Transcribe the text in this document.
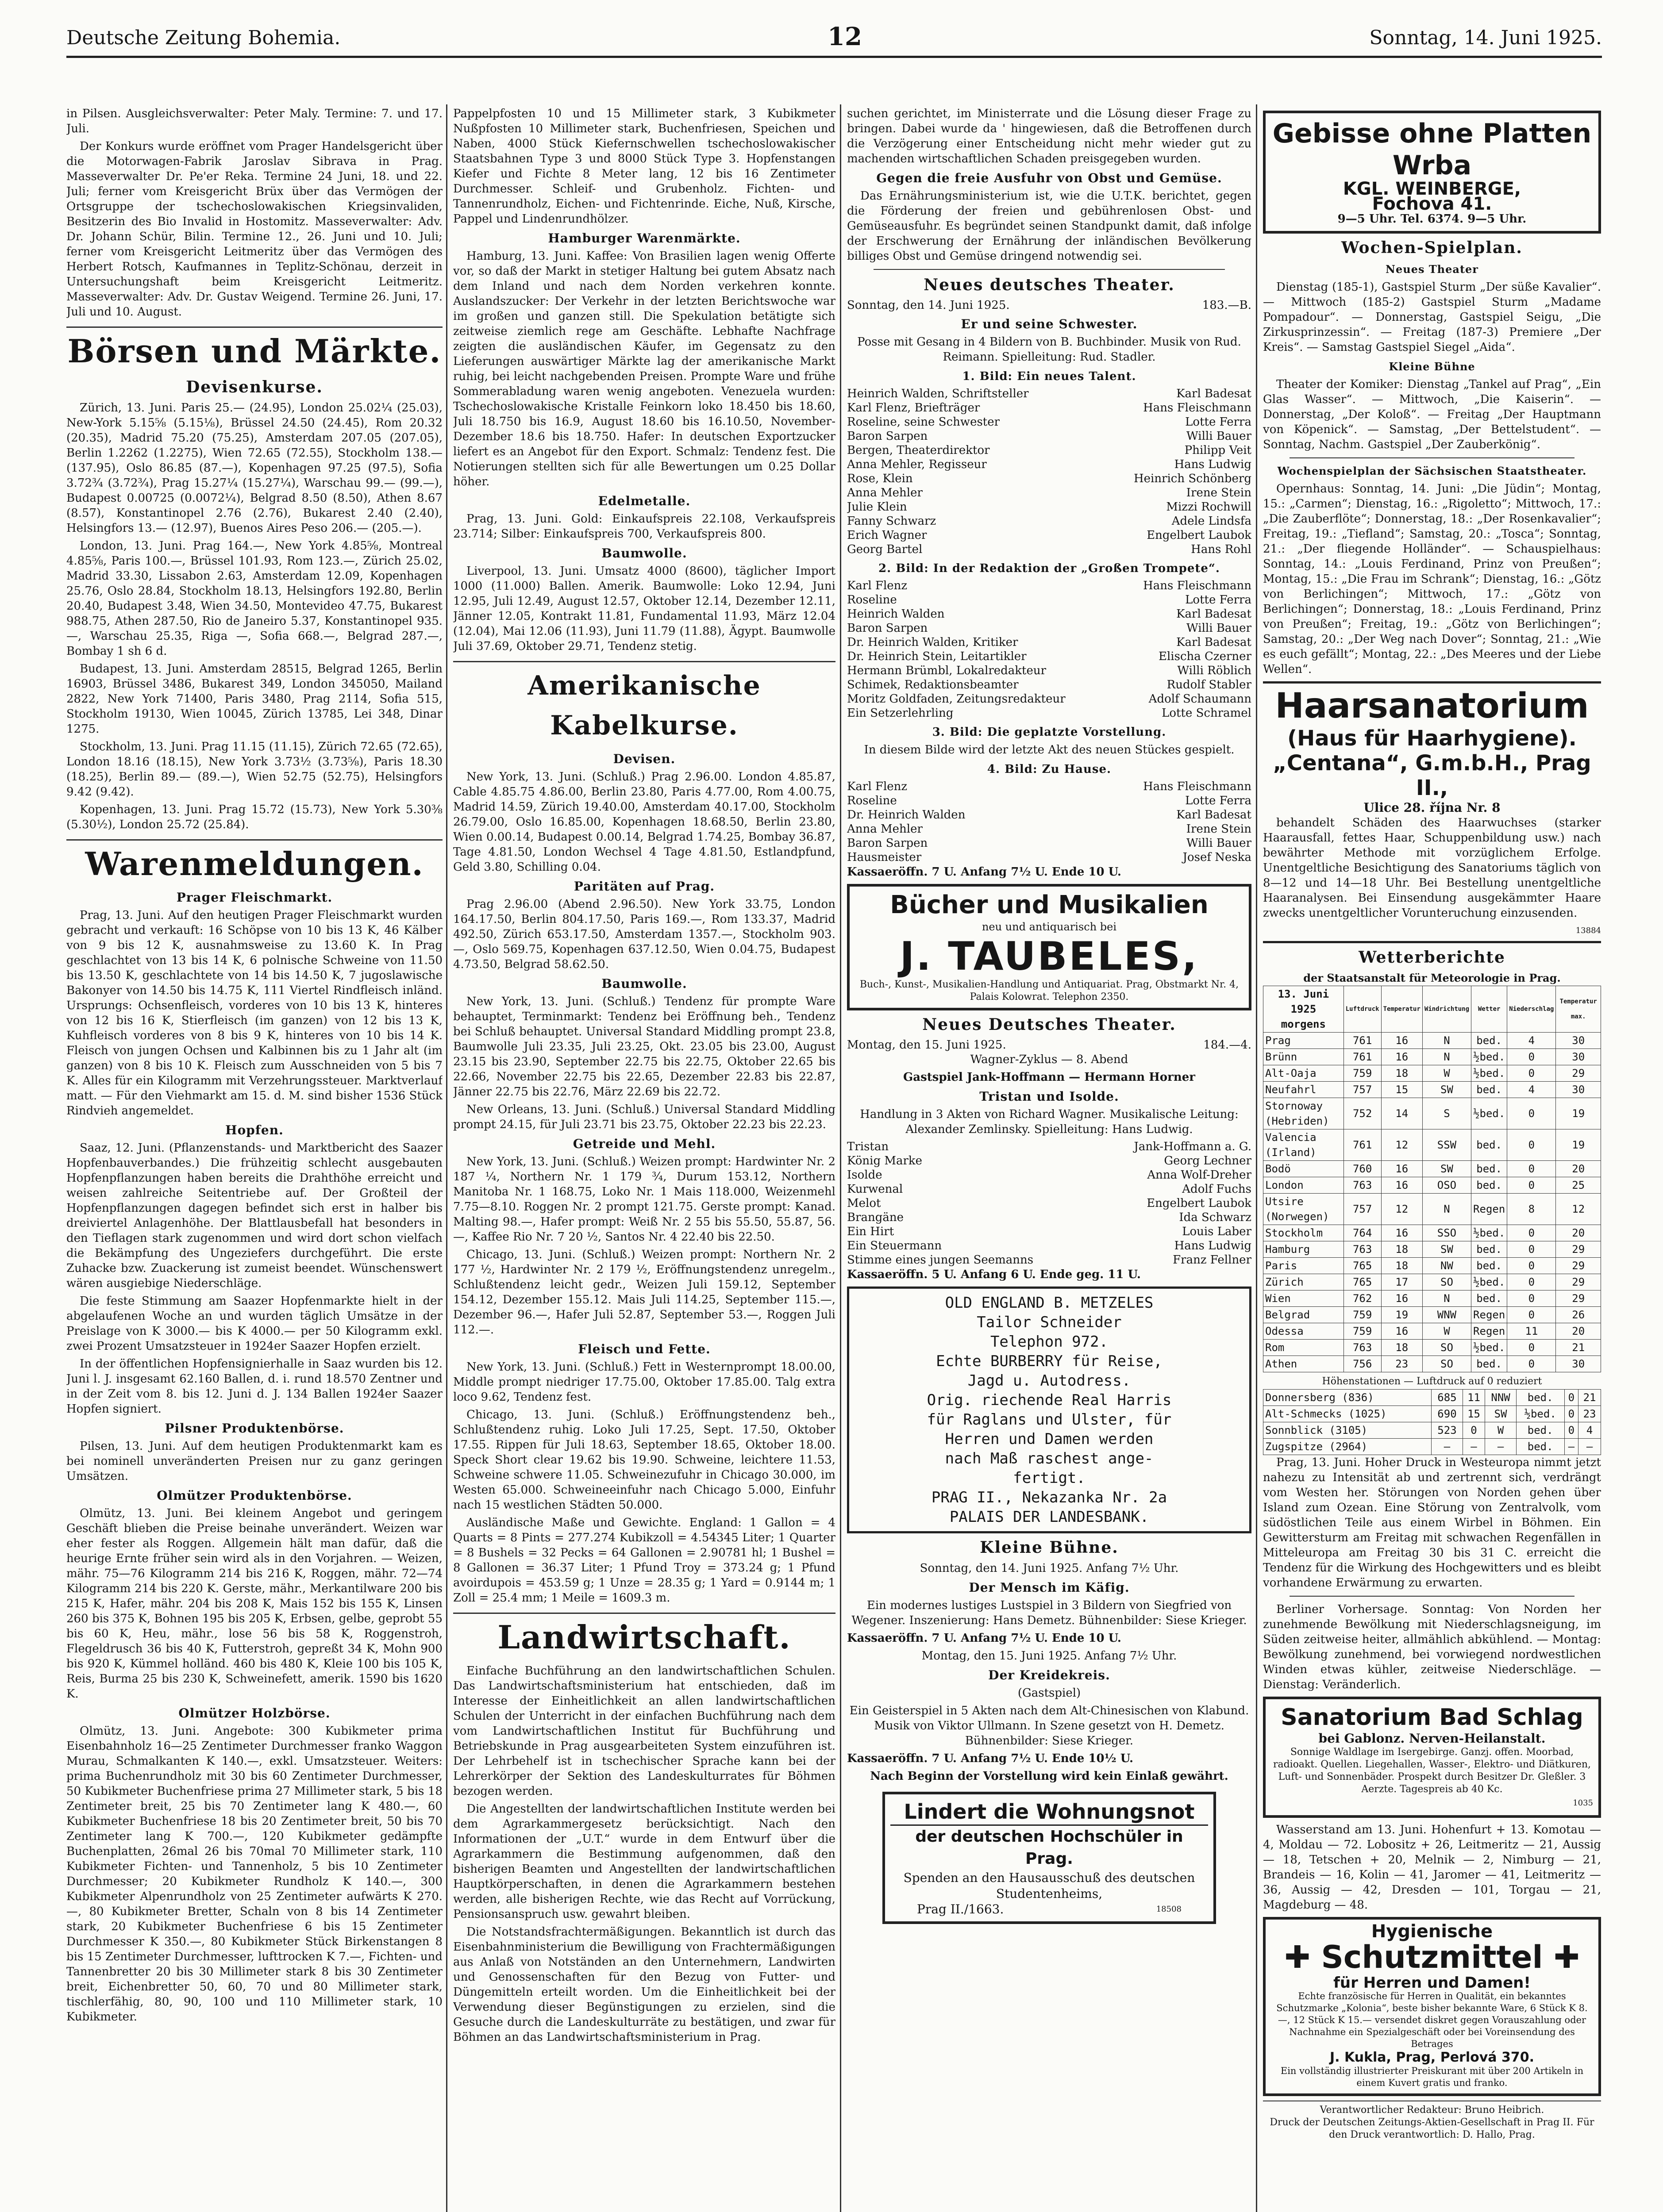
Deutsche Zeitung Bohemia.	12	Sonntag, 14. Juni 1925.

in Pilsen. Ausgleichsverwalter: Peter Maly. Termine: 7. und 17. Juli.

Der Konkurs wurde eröffnet vom Prager Handelsgericht über die Motorwagen-Fabrik Jaroslav Sibrava in Prag. Masseverwalter Dr. Pe'er Reka. Termine 24 Juni, 18. und 22. Juli; ferner vom Kreisgericht Brüx über das Vermögen der Ortsgruppe der tschechoslowakischen Kriegsinvaliden, Besitzerin des Bio Invalid in Hostomitz. Masseverwalter: Adv. Dr. Johann Schür, Bilin. Termine 12., 26. Juni und 10. Juli; ferner vom Kreisgericht Leitmeritz über das Vermögen des Herbert Rotsch, Kaufmannes in Teplitz-Schönau, derzeit in Untersuchungshaft beim Kreisgericht Leitmeritz. Masseverwalter: Adv. Dr. Gustav Weigend. Termine 26. Juni, 17. Juli und 10. August.

Börsen und Märkte.
Devisenkurse.

Zürich, 13. Juni. Paris 25.— (24.95), London 25.02¼ (25.03), New-York 5.15⅝ (5.15⅛), Brüssel 24.50 (24.45), Rom 20.32 (20.35), Madrid 75.20 (75.25), Amsterdam 207.05 (207.05), Berlin 1.2262 (1.2275), Wien 72.65 (72.55), Stockholm 138.— (137.95), Oslo 86.85 (87.—), Kopenhagen 97.25 (97.5), Sofia 3.72¾ (3.72¾), Prag 15.27¼ (15.27¼), Warschau 99.— (99.—), Budapest 0.00725 (0.0072¼), Belgrad 8.50 (8.50), Athen 8.67 (8.57), Konstantinopel 2.76 (2.76), Bukarest 2.40 (2.40), Helsingfors 13.— (12.97), Buenos Aires Peso 206.— (205.—).

London, 13. Juni. Prag 164.—, New York 4.85⅝, Montreal 4.85⅝, Paris 100.—, Brüssel 101.93, Rom 123.—, Zürich 25.02, Madrid 33.30, Lissabon 2.63, Amsterdam 12.09, Kopenhagen 25.76, Oslo 28.84, Stockholm 18.13, Helsingfors 192.80, Berlin 20.40, Budapest 3.48, Wien 34.50, Montevideo 47.75, Bukarest 988.75, Athen 287.50, Rio de Janeiro 5.37, Konstantinopel 935.—, Warschau 25.35, Riga —, Sofia 668.—, Belgrad 287.—, Bombay 1 sh 6 d.

Budapest, 13. Juni. Amsterdam 28515, Belgrad 1265, Berlin 16903, Brüssel 3486, Bukarest 349, London 345050, Mailand 2822, New York 71400, Paris 3480, Prag 2114, Sofia 515, Stockholm 19130, Wien 10045, Zürich 13785, Lei 348, Dinar 1275.

Stockholm, 13. Juni. Prag 11.15 (11.15), Zürich 72.65 (72.65), London 18.16 (18.15), New York 3.73½ (3.73⅝), Paris 18.30 (18.25), Berlin 89.— (89.—), Wien 52.75 (52.75), Helsingfors 9.42 (9.42).

Kopenhagen, 13. Juni. Prag 15.72 (15.73), New York 5.30⅜ (5.30½), London 25.72 (25.84).

Warenmeldungen.
Prager Fleischmarkt.

Prag, 13. Juni. Auf den heutigen Prager Fleischmarkt wurden gebracht und verkauft: 16 Schöpse von 10 bis 13 K, 46 Kälber von 9 bis 12 K, ausnahmsweise zu 13.60 K. In Prag geschlachtet von 13 bis 14 K, 6 polnische Schweine von 11.50 bis 13.50 K, geschlachtete von 14 bis 14.50 K, 7 jugoslawische Bakonyer von 14.50 bis 14.75 K, 111 Viertel Rindfleisch inländ. Ursprungs: Ochsenfleisch, vorderes von 10 bis 13 K, hinteres von 12 bis 16 K, Stierfleisch (im ganzen) von 12 bis 13 K, Kuhfleisch vorderes von 8 bis 9 K, hinteres von 10 bis 14 K. Fleisch von jungen Ochsen und Kalbinnen bis zu 1 Jahr alt (im ganzen) von 8 bis 10 K. Fleisch zum Ausschneiden von 5 bis 7 K. Alles für ein Kilogramm mit Verzehrungssteuer. Marktverlauf matt. — Für den Viehmarkt am 15. d. M. sind bisher 1536 Stück Rindvieh angemeldet.

Hopfen.

Saaz, 12. Juni. (Pflanzenstands- und Marktbericht des Saazer Hopfenbauverbandes.) Die frühzeitig schlecht ausgebauten Hopfenpflanzungen haben bereits die Drahthöhe erreicht und weisen zahlreiche Seitentriebe auf. Der Großteil der Hopfenpflanzungen dagegen befindet sich erst in halber bis dreiviertel Anlagenhöhe. Der Blattlausbefall hat besonders in den Tieflagen stark zugenommen und wird dort schon vielfach die Bekämpfung des Ungeziefers durchgeführt. Die erste Zuhacke bzw. Zuackerung ist zumeist beendet. Wünschenswert wären ausgiebige Niederschläge.

Die feste Stimmung am Saazer Hopfenmarkte hielt in der abgelaufenen Woche an und wurden täglich Umsätze in der Preislage von K 3000.— bis K 4000.— per 50 Kilogramm exkl. zwei Prozent Umsatzsteuer in 1924er Saazer Hopfen erzielt.

In der öffentlichen Hopfensignierhalle in Saaz wurden bis 12. Juni l. J. insgesamt 62.160 Ballen, d. i. rund 18.570 Zentner und in der Zeit vom 8. bis 12. Juni d. J. 134 Ballen 1924er Saazer Hopfen signiert.

Pilsner Produktenbörse.

Pilsen, 13. Juni. Auf dem heutigen Produktenmarkt kam es bei nominell unveränderten Preisen nur zu ganz geringen Umsätzen.

Olmützer Produktenbörse.

Olmütz, 13. Juni. Bei kleinem Angebot und geringem Geschäft blieben die Preise beinahe unverändert. Weizen war eher fester als Roggen. Allgemein hält man dafür, daß die heurige Ernte früher sein wird als in den Vorjahren. — Weizen, mähr. 75—76 Kilogramm 214 bis 216 K, Roggen, mähr. 72—74 Kilogramm 214 bis 220 K. Gerste, mähr., Merkantilware 200 bis 215 K, Hafer, mähr. 204 bis 208 K, Mais 152 bis 155 K, Linsen 260 bis 375 K, Bohnen 195 bis 205 K, Erbsen, gelbe, geprobt 55 bis 60 K, Heu, mähr., lose 56 bis 58 K, Roggenstroh, Flegeldrusch 36 bis 40 K, Futterstroh, gepreßt 34 K, Mohn 900 bis 920 K, Kümmel holländ. 460 bis 480 K, Kleie 100 bis 105 K, Reis, Burma 25 bis 230 K, Schweinefett, amerik. 1590 bis 1620 K.

Olmützer Holzbörse.

Olmütz, 13. Juni. Angebote: 300 Kubikmeter prima Eisenbahnholz 16—25 Zentimeter Durchmesser franko Waggon Murau, Schmalkanten K 140.—, exkl. Umsatzsteuer. Weiters: prima Buchenrundholz mit 30 bis 60 Zentimeter Durchmesser, 50 Kubikmeter Buchenfriese prima 27 Millimeter stark, 5 bis 18 Zentimeter breit, 25 bis 70 Zentimeter lang K 480.—, 60 Kubikmeter Buchenfriese 18 bis 20 Zentimeter breit, 50 bis 70 Zentimeter lang K 700.—, 120 Kubikmeter gedämpfte Buchenplatten, 26mal 26 bis 70mal 70 Millimeter stark, 110 Kubikmeter Fichten- und Tannenholz, 5 bis 10 Zentimeter Durchmesser; 20 Kubikmeter Rundholz K 140.—, 300 Kubikmeter Alpenrundholz von 25 Zentimeter aufwärts K 270.—, 80 Kubikmeter Bretter, Schaln von 8 bis 14 Zentimeter stark, 20 Kubikmeter Buchenfriese 6 bis 15 Zentimeter Durchmesser K 350.—, 80 Kubikmeter Stück Birkenstangen 8 bis 15 Zentimeter Durchmesser, lufttrocken K 7.—, Fichten- und Tannenbretter 20 bis 30 Millimeter stark 8 bis 30 Zentimeter breit, Eichenbretter 50, 60, 70 und 80 Millimeter stark, tischlerfähig, 80, 90, 100 und 110 Millimeter stark, 10 Kubikmeter.

Pappelpfosten 10 und 15 Millimeter stark, 3 Kubikmeter Nußpfosten 10 Millimeter stark, Buchenfriesen, Speichen und Naben, 4000 Stück Kiefernschwellen tschechoslowakischer Staatsbahnen Type 3 und 8000 Stück Type 3. Hopfenstangen Kiefer und Fichte 8 Meter lang, 12 bis 16 Zentimeter Durchmesser. Schleif- und Grubenholz. Fichten- und Tannenrundholz, Eichen- und Fichtenrinde. Eiche, Nuß, Kirsche, Pappel und Lindenrundhölzer.

Hamburger Warenmärkte.

Hamburg, 13. Juni. Kaffee: Von Brasilien lagen wenig Offerte vor, so daß der Markt in stetiger Haltung bei gutem Absatz nach dem Inland und nach dem Norden verkehren konnte. Auslandszucker: Der Verkehr in der letzten Berichtswoche war im großen und ganzen still. Die Spekulation betätigte sich zeitweise ziemlich rege am Geschäfte. Lebhafte Nachfrage zeigten die ausländischen Käufer, im Gegensatz zu den Lieferungen auswärtiger Märkte lag der amerikanische Markt ruhig, bei leicht nachgebenden Preisen. Prompte Ware und frühe Sommerabladung waren wenig angeboten. Venezuela wurden: Tschechoslowakische Kristalle Feinkorn loko 18.450 bis 18.60, Juli 18.750 bis 16.9, August 18.60 bis 16.10.50, November-Dezember 18.6 bis 18.750. Hafer: In deutschen Exportzucker liefert es an Angebot für den Export. Schmalz: Tendenz fest. Die Notierungen stellten sich für alle Bewertungen um 0.25 Dollar höher.

Edelmetalle.

Prag, 13. Juni. Gold: Einkaufspreis 22.108, Verkaufspreis 23.714; Silber: Einkaufspreis 700, Verkaufspreis 800.

Baumwolle.

Liverpool, 13. Juni. Umsatz 4000 (8600), täglicher Import 1000 (11.000) Ballen. Amerik. Baumwolle: Loko 12.94, Juni 12.95, Juli 12.49, August 12.57, Oktober 12.14, Dezember 12.11, Jänner 12.05, Kontrakt 11.81, Fundamental 11.93, März 12.04 (12.04), Mai 12.06 (11.93), Juni 11.79 (11.88), Ägypt. Baumwolle Juli 37.69, Oktober 29.71, Tendenz stetig.

Amerikanische Kabelkurse.
Devisen.

New York, 13. Juni. (Schluß.) Prag 2.96.00. London 4.85.87, Cable 4.85.75 4.86.00, Berlin 23.80, Paris 4.77.00, Rom 4.00.75, Madrid 14.59, Zürich 19.40.00, Amsterdam 40.17.00, Stockholm 26.79.00, Oslo 16.85.00, Kopenhagen 18.68.50, Berlin 23.80, Wien 0.00.14, Budapest 0.00.14, Belgrad 1.74.25, Bombay 36.87, Tage 4.81.50, London Wechsel 4 Tage 4.81.50, Estlandpfund, Geld 3.80, Schilling 0.04.

Paritäten auf Prag.

Prag 2.96.00 (Abend 2.96.50). New York 33.75, London 164.17.50, Berlin 804.17.50, Paris 169.—, Rom 133.37, Madrid 492.50, Zürich 653.17.50, Amsterdam 1357.—, Stockholm 903.—, Oslo 569.75, Kopenhagen 637.12.50, Wien 0.04.75, Budapest 4.73.50, Belgrad 58.62.50.

Baumwolle.

New York, 13. Juni. (Schluß.) Tendenz für prompte Ware behauptet, Terminmarkt: Tendenz bei Eröffnung beh., Tendenz bei Schluß behauptet. Universal Standard Middling prompt 23.8, Baumwolle Juli 23.35, Juli 23.25, Okt. 23.05 bis 23.00, August 23.15 bis 23.90, September 22.75 bis 22.75, Oktober 22.65 bis 22.66, November 22.75 bis 22.65, Dezember 22.83 bis 22.87, Jänner 22.75 bis 22.76, März 22.69 bis 22.72.

New Orleans, 13. Juni. (Schluß.) Universal Standard Middling prompt 24.15, für Juli 23.71 bis 23.75, Oktober 22.23 bis 22.23.

Getreide und Mehl.

New York, 13. Juni. (Schluß.) Weizen prompt: Hardwinter Nr. 2 187 ¼, Northern Nr. 1 179 ¾, Durum 153.12, Northern Manitoba Nr. 1 168.75, Loko Nr. 1 Mais 118.000, Weizenmehl 7.75—8.10. Roggen Nr. 2 prompt 121.75. Gerste prompt: Kanad. Malting 98.—, Hafer prompt: Weiß Nr. 2 55 bis 55.50, 55.87, 56.—, Kaffee Rio Nr. 7 20 ½, Santos Nr. 4 22.40 bis 22.50.

Chicago, 13. Juni. (Schluß.) Weizen prompt: Northern Nr. 2 177 ½, Hardwinter Nr. 2 179 ½, Eröffnungstendenz unregelm., Schlußtendenz leicht gedr., Weizen Juli 159.12, September 154.12, Dezember 155.12. Mais Juli 114.25, September 115.—, Dezember 96.—, Hafer Juli 52.87, September 53.—, Roggen Juli 112.—.

Fleisch und Fette.

New York, 13. Juni. (Schluß.) Fett in Westernprompt 18.00.00, Middle prompt niedriger 17.75.00, Oktober 17.85.00. Talg extra loco 9.62, Tendenz fest.

Chicago, 13. Juni. (Schluß.) Eröffnungstendenz beh., Schlußtendenz ruhig. Loko Juli 17.25, Sept. 17.50, Oktober 17.55. Rippen für Juli 18.63, September 18.65, Oktober 18.00. Speck Short clear 19.62 bis 19.90. Schweine, leichtere 11.53, Schweine schwere 11.05. Schweinezufuhr in Chicago 30.000, im Westen 65.000. Schweineeinfuhr nach Chicago 5.000, Einfuhr nach 15 westlichen Städten 50.000.

Ausländische Maße und Gewichte. England: 1 Gallon = 4 Quarts = 8 Pints = 277.274 Kubikzoll = 4.54345 Liter; 1 Quarter = 8 Bushels = 32 Pecks = 64 Gallonen = 2.90781 hl; 1 Bushel = 8 Gallonen = 36.37 Liter; 1 Pfund Troy = 373.24 g; 1 Pfund avoirdupois = 453.59 g; 1 Unze = 28.35 g; 1 Yard = 0.9144 m; 1 Zoll = 25.4 mm; 1 Meile = 1609.3 m.

Landwirtschaft.

Einfache Buchführung an den landwirtschaftlichen Schulen. Das Landwirtschaftsministerium hat entschieden, daß im Interesse der Einheitlichkeit an allen landwirtschaftlichen Schulen der Unterricht in der einfachen Buchführung nach dem vom Landwirtschaftlichen Institut für Buchführung und Betriebskunde in Prag ausgearbeiteten System einzuführen ist. Der Lehrbehelf ist in tschechischer Sprache kann bei der Lehrerkörper der Sektion des Landeskulturrates für Böhmen bezogen werden.

Die Angestellten der landwirtschaftlichen Institute werden bei dem Agrarkammergesetz berücksichtigt. Nach den Informationen der „U.T.“ wurde in dem Entwurf über die Agrarkammern die Bestimmung aufgenommen, daß den bisherigen Beamten und Angestellten der landwirtschaftlichen Hauptkörperschaften, in denen die Agrarkammern bestehen werden, alle bisherigen Rechte, wie das Recht auf Vorrückung, Pensionsanspruch usw. gewahrt bleiben.

Die Notstandsfrachtermäßigungen. Bekanntlich ist durch das Eisenbahnministerium die Bewilligung von Frachtermäßigungen aus Anlaß von Notständen an den Unternehmern, Landwirten und Genossenschaften für den Bezug von Futter- und Düngemitteln erteilt worden. Um die Einheitlichkeit bei der Verwendung dieser Begünstigungen zu erzielen, sind die Gesuche durch die Landeskulturräte zu bestätigen, und zwar für Böhmen an das Landwirtschaftsministerium in Prag.

suchen gerichtet, im Ministerrate und die Lösung dieser Frage zu bringen. Dabei wurde da ' hingewiesen, daß die Betroffenen durch die Verzögerung einer Entscheidung nicht mehr wieder gut zu machenden wirtschaftlichen Schaden preisgegeben wurden.

Gegen die freie Ausfuhr von Obst und Gemüse.

Das Ernährungsministerium ist, wie die U.T.K. berichtet, gegen die Förderung der freien und gebührenlosen Obst- und Gemüseausfuhr. Es begründet seinen Standpunkt damit, daß infolge der Erschwerung der Ernährung der inländischen Bevölkerung billiges Obst und Gemüse dringend notwendig sei.

Neues deutsches Theater.
Sonntag, den 14. Juni 1925.	183.—B.
Er und seine Schwester.

Posse mit Gesang in 4 Bildern von B. Buchbinder. Musik von Rud. Reimann. Spielleitung: Rud. Stadler.

1. Bild: Ein neues Talent.
Heinrich Walden, Schriftsteller	Karl Badesat
Karl Flenz, Briefträger	Hans Fleischmann
Roseline, seine Schwester	Lotte Ferra
Baron Sarpen	Willi Bauer
Bergen, Theaterdirektor	Philipp Veit
Anna Mehler, Regisseur	Hans Ludwig
Rose, Klein	Heinrich Schönberg
Anna Mehler	Irene Stein
Julie Klein	Mizzi Rochwill
Fanny Schwarz	Adele Lindsfa
Erich Wagner	Engelbert Laubok
Georg Bartel	Hans Rohl
2. Bild: In der Redaktion der „Großen Trompete“.
Karl Flenz	Hans Fleischmann
Roseline	Lotte Ferra
Heinrich Walden	Karl Badesat
Baron Sarpen	Willi Bauer
Dr. Heinrich Walden, Kritiker	Karl Badesat
Dr. Heinrich Stein, Leitartikler	Elischa Czerner
Hermann Brümbl, Lokalredakteur	Willi Röblich
Schimek, Redaktionsbeamter	Rudolf Stabler
Moritz Goldfaden, Zeitungsredakteur	Adolf Schaumann
Ein Setzerlehrling	Lotte Schramel
3. Bild: Die geplatzte Vorstellung.

In diesem Bilde wird der letzte Akt des neuen Stückes gespielt.

4. Bild: Zu Hause.
Karl Flenz	Hans Fleischmann
Roseline	Lotte Ferra
Dr. Heinrich Walden	Karl Badesat
Anna Mehler	Irene Stein
Baron Sarpen	Willi Bauer
Hausmeister	Josef Neska

Kassaeröffn. 7 U. Anfang 7½ U. Ende 10 U.

Bücher und Musikalien
neu und antiquarisch bei
J. TAUBELES,
Buch-, Kunst-, Musikalien-Handlung und Antiquariat. Prag, Obstmarkt Nr. 4, Palais Kolowrat. Telephon 2350.
Neues Deutsches Theater.
Montag, den 15. Juni 1925.	184.—4.

Wagner-Zyklus — 8. Abend

Gastspiel Jank-Hoffmann — Hermann Horner

Tristan und Isolde.

Handlung in 3 Akten von Richard Wagner. Musikalische Leitung: Alexander Zemlinsky. Spielleitung: Hans Ludwig.

Tristan	Jank-Hoffmann a. G.
König Marke	Georg Lechner
Isolde	Anna Wolf-Dreher
Kurwenal	Adolf Fuchs
Melot	Engelbert Laubok
Brangäne	Ida Schwarz
Ein Hirt	Louis Laber
Ein Steuermann	Hans Ludwig
Stimme eines jungen Seemanns	Franz Fellner

Kassaeröffn. 5 U. Anfang 6 U. Ende geg. 11 U.

OLD ENGLAND B. METZELES
Tailor Schneider
Telephon 972.
Echte BURBERRY für Reise,
Jagd u. Autodress.
Orig. riechende Real Harris
für Raglans und Ulster, für
Herren und Damen werden
nach Maß raschest ange-
fertigt.
PRAG II., Nekazanka Nr. 2a
PALAIS DER LANDESBANK.
Kleine Bühne.

Sonntag, den 14. Juni 1925. Anfang 7½ Uhr.

Der Mensch im Käfig.

Ein modernes lustiges Lustspiel in 3 Bildern von Siegfried von Wegener. Inszenierung: Hans Demetz. Bühnenbilder: Siese Krieger.

Kassaeröffn. 7 U. Anfang 7½ U. Ende 10 U.

Montag, den 15. Juni 1925. Anfang 7½ Uhr.

Der Kreidekreis.

(Gastspiel)

Ein Geisterspiel in 5 Akten nach dem Alt-Chinesischen von Klabund. Musik von Viktor Ullmann. In Szene gesetzt von H. Demetz. Bühnenbilder: Siese Krieger.

Kassaeröffn. 7 U. Anfang 7½ U. Ende 10½ U.

Nach Beginn der Vorstellung wird kein Einlaß gewährt.

Lindert die Wohnungsnot
der deutschen Hochschüler in Prag.
Spenden an den Hausausschuß des deutschen Studentenheims,
Prag II./1663.	18508
Gebisse ohne Platten Wrba
KGL. WEINBERGE,
Fochova 41.
9—5 Uhr. Tel. 6374. 9—5 Uhr.
Wochen-Spielplan.
Neues Theater

Dienstag (185-1), Gastspiel Sturm „Der süße Kavalier“. — Mittwoch (185-2) Gastspiel Sturm „Madame Pompadour“. — Donnerstag, Gastspiel Seigu, „Die Zirkusprinzessin“. — Freitag (187-3) Premiere „Der Kreis“. — Samstag Gastspiel Siegel „Aida“.

Kleine Bühne

Theater der Komiker: Dienstag „Tankel auf Prag“, „Ein Glas Wasser“. — Mittwoch, „Die Kaiserin“. — Donnerstag, „Der Koloß“. — Freitag „Der Hauptmann von Köpenick“. — Samstag, „Der Bettelstudent“. — Sonntag, Nachm. Gastspiel „Der Zauberkönig“.

Wochenspielplan der Sächsischen Staatstheater.

Opernhaus: Sonntag, 14. Juni: „Die Jüdin“; Montag, 15.: „Carmen“; Dienstag, 16.: „Rigoletto“; Mittwoch, 17.: „Die Zauberflöte“; Donnerstag, 18.: „Der Rosenkavalier“; Freitag, 19.: „Tiefland“; Samstag, 20.: „Tosca“; Sonntag, 21.: „Der fliegende Holländer“. — Schauspielhaus: Sonntag, 14.: „Louis Ferdinand, Prinz von Preußen“; Montag, 15.: „Die Frau im Schrank“; Dienstag, 16.: „Götz von Berlichingen“; Mittwoch, 17.: „Götz von Berlichingen“; Donnerstag, 18.: „Louis Ferdinand, Prinz von Preußen“; Freitag, 19.: „Götz von Berlichingen“; Samstag, 20.: „Der Weg nach Dover“; Sonntag, 21.: „Wie es euch gefällt“; Montag, 22.: „Des Meeres und der Liebe Wellen“.

Haarsanatorium
(Haus für Haarhygiene).
„Centana“, G.m.b.H., Prag II.,
Ulice 28. října Nr. 8

behandelt Schäden des Haarwuchses (starker Haarausfall, fettes Haar, Schuppenbildung usw.) nach bewährter Methode mit vorzüglichem Erfolge. Unentgeltliche Besichtigung des Sanatoriums täglich von 8—12 und 14—18 Uhr. Bei Bestellung unentgeltliche Haaranalysen. Bei Einsendung ausgekämmter Haare zwecks unentgeltlicher Vorunteruchung einzusenden.

13884
Wetterberichte
der Staatsanstalt für Meteorologie in Prag.
13. Juni 1925
morgens	Luftdruck	Temperatur	Windrichtung	Wetter	Niederschlag	Temperatur max.
Prag	761	16	N	bed.	4	30
Brünn	761	16	N	½bed.	0	30
Alt-Oaja	759	18	W	½bed.	0	29
Neufahrl	757	15	SW	bed.	4	30
Stornoway (Hebriden)	752	14	S	½bed.	0	19
Valencia (Irland)	761	12	SSW	bed.	0	19
Bodö	760	16	SW	bed.	0	20
London	763	16	OSO	bed.	0	25
Utsire (Norwegen)	757	12	N	Regen	8	12
Stockholm	764	16	SSO	½bed.	0	20
Hamburg	763	18	SW	bed.	0	29
Paris	765	18	NW	bed.	0	29
Zürich	765	17	SO	½bed.	0	29
Wien	762	16	N	bed.	0	29
Belgrad	759	19	WNW	Regen	0	26
Odessa	759	16	W	Regen	11	20
Rom	763	18	SO	½bed.	0	21
Athen	756	23	SO	bed.	0	30
Höhenstationen — Luftdruck auf 0 reduziert
Donnersberg (836)	685	11	NNW	bed.	0	21
Alt-Schmecks (1025)	690	15	SW	½bed.	0	23
Sonnblick (3105)	523	0	W	bed.	0	4
Zugspitze (2964)	—	—	—	bed.	—	—

Prag, 13. Juni. Hoher Druck in Westeuropa nimmt jetzt nahezu zu Intensität ab und zertrennt sich, verdrängt vom Westen her. Störungen von Norden gehen über Island zum Ozean. Eine Störung von Zentralvolk, vom südöstlichen Teile aus einem Wirbel in Böhmen. Ein Gewittersturm am Freitag mit schwachen Regenfällen in Mitteleuropa am Freitag 30 bis 31 C. erreicht die Tendenz für die Wirkung des Hochgewitters und es bleibt vorhandene Erwärmung zu erwarten.

Berliner Vorhersage. Sonntag: Von Norden her zunehmende Bewölkung mit Niederschlagsneigung, im Süden zeitweise heiter, allmählich abkühlend. — Montag: Bewölkung zunehmend, bei vorwiegend nordwestlichen Winden etwas kühler, zeitweise Niederschläge. — Dienstag: Veränderlich.

Sanatorium Bad Schlag
bei Gablonz. Nerven-Heilanstalt.
Sonnige Waldlage im Isergebirge. Ganzj. offen. Moorbad, radioakt. Quellen. Liegehallen, Wasser-, Elektro- und Diätkuren, Luft- und Sonnenbäder. Prospekt durch Besitzer Dr. Gleßler. 3 Aerzte. Tagespreis ab 40 Kc.
1035

Wasserstand am 13. Juni. Hohenfurt + 13. Komotau — 4, Moldau — 72. Lobositz + 26, Leitmeritz — 21, Aussig — 18, Tetschen + 20, Melnik — 2, Nimburg — 21, Brandeis — 16, Kolin — 41, Jaromer — 41, Leitmeritz — 36, Aussig — 42, Dresden — 101, Torgau — 21, Magdeburg — 48.

Hygienische
✚ Schutzmittel ✚
für Herren und Damen!
Echte französische für Herren in Qualität, ein bekanntes Schutzmarke „Kolonia“, beste bisher bekannte Ware, 6 Stück K 8.—, 12 Stück K 15.— versendet diskret gegen Vorauszahlung oder Nachnahme ein Spezialgeschäft oder bei Voreinsendung des Betrages
J. Kukla, Prag, Perlová 370.
Ein vollständig illustrierter Preiskurant mit über 200 Artikeln in einem Kuvert gratis und franko.
Verantwortlicher Redakteur: Bruno Heibrich.
Druck der Deutschen Zeitungs-Aktien-Gesellschaft in Prag II. Für den Druck verantwortlich: D. Hallo, Prag.
